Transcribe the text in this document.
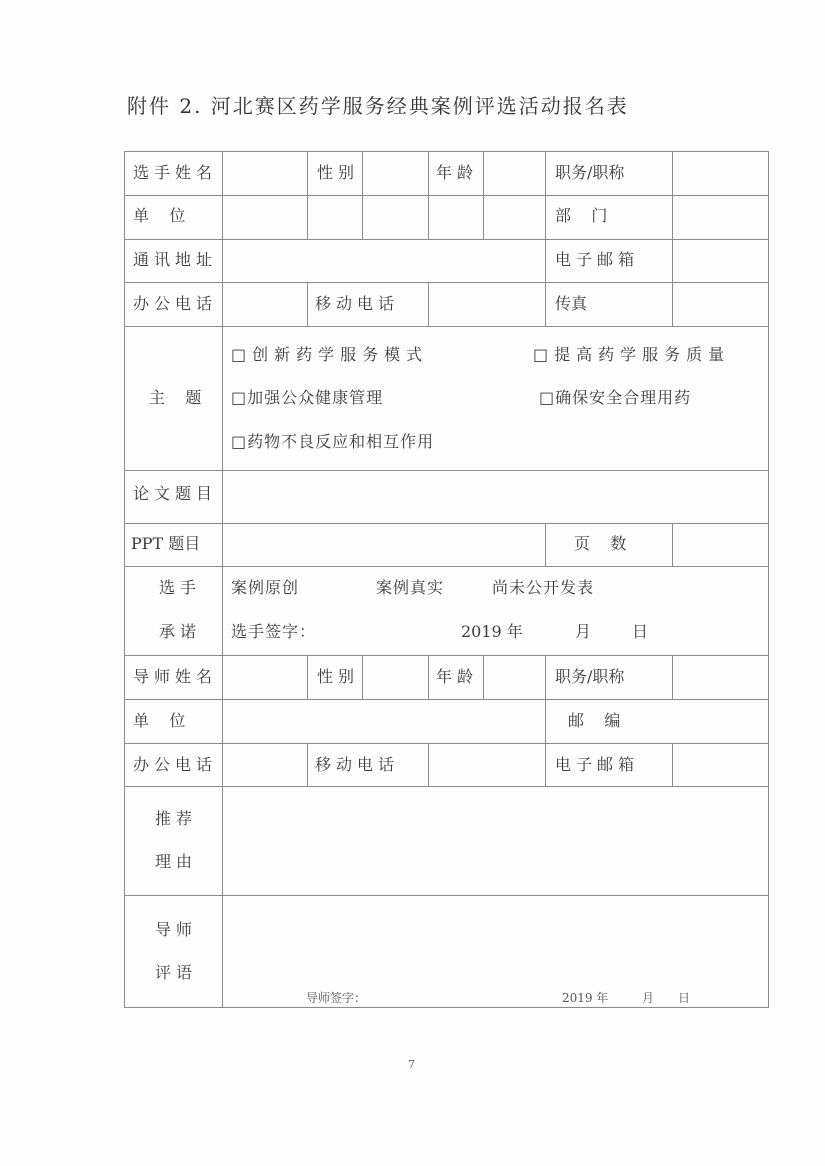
附件 2. 河北赛区药学服务经典案例评选活动报名表
选手姓名	性别	年龄	职务/职称
单    位	部    门
通讯地址	电子邮箱
办公电话	移动电话	传真
主    题
□创新药学服务模式	□提高药学服务质量
□加强公众健康管理	□确保安全合理用药
□药物不良反应和相互作用
论文题目
PPT 题目	页    数
选手
承诺
案例原创	案例真实	尚未公开发表
选手签字：	2019 年	月	日
导师姓名	性别	年龄	职务/职称
单    位	邮    编
办公电话	移动电话	电子邮箱
推荐
理由
导师
评语
导师签字：	2019 年	月 日
7
